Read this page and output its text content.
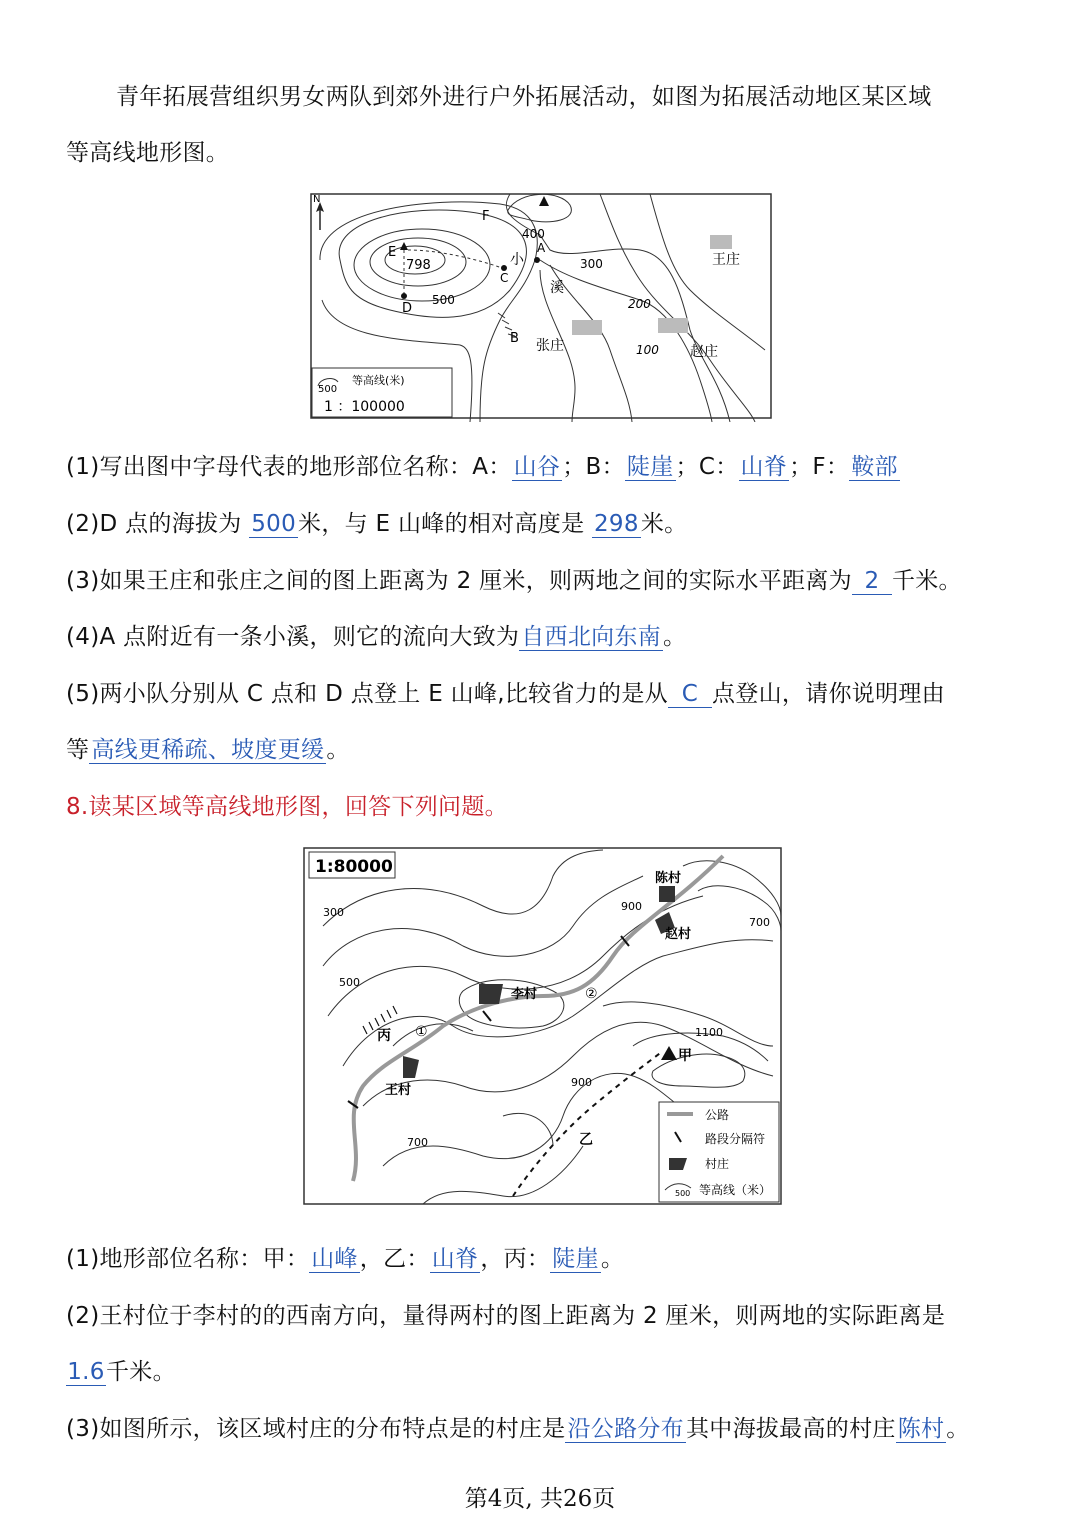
青年拓展营组织男女两队到郊外进行户外拓展活动，如图为拓展活动地区某区域
等高线地形图。
N
E
798
D
C
A
B
F
400
300
500	200
100
小
溪
王庄
张庄	赵庄
500
等高线(米)
1 ：100000
(1)写出图中字母代表的地形部位名称：A：山谷；B：陡崖；C：山脊；F：鞍部
(2)D 点的海拔为 500米，与 E 山峰的相对高度是 298米。
(3)如果王庄和张庄之间的图上距离为 2 厘米，则两地之间的实际水平距离为 2 千米。
(4)A 点附近有一条小溪，则它的流向大致为自西北向东南。
(5)两小队分别从 C 点和 D 点登上 E 山峰,比较省力的是从 C 点登山，请你说明理由
等高线更稀疏、坡度更缓。
8.读某区域等高线地形图，回答下列问题。
1:80000
陈村
赵村
李村
王村
甲
乙
丙 ①
②
300
500
700
700
900
900
1100
公路
路段分隔符
村庄
500 等高线（米）
(1)地形部位名称：甲：山峰，乙：山脊，丙：陡崖。
(2)王村位于李村的的西南方向，量得两村的图上距离为 2 厘米，则两地的实际距离是
1.6千米。
(3)如图所示，该区域村庄的分布特点是的村庄是沿公路分布其中海拔最高的村庄陈村。
第4页, 共26页
